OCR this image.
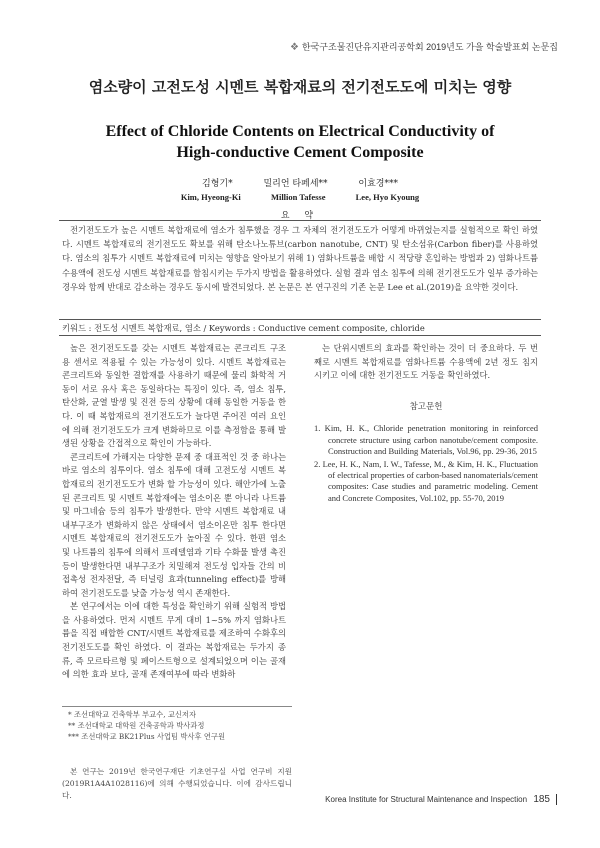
❖ 한국구조물진단유지관리공학회 2019년도 가을 학술발표회 논문집
염소량이 고전도성 시멘트 복합재료의 전기전도도에 미치는 영향
Effect of Chloride Contents on Electrical Conductivity of
High-conductive Cement Composite
김형기*	밀리언 타페세**	이효경***
Kim, Hyeong-Ki	Million Tafesse	Lee, Hyo Kyoung
요 약
전기전도도가 높은 시멘트 복합재료에 염소가 침투했을 경우 그 자체의 전기전도도가 어떻게 바뀌었는지를 실험적으로 확인 하였다. 시멘트 복합재료의 전기전도도 확보를 위해 탄소나노튜브(carbon nanotube, CNT) 및 탄소섬유(Carbon fiber)를 사용하였다. 염소의 침투가 시멘트 복합재료에 미치는 영향을 알아보기 위해 1) 염화나트륨을 배합 시 적당량 혼입하는 방법과 2) 염화나트륨 수용액에 전도성 시멘트 복합재료를 함침시키는 두가지 방법을 활용하였다. 실험 결과 염소 침투에 의해 전기전도도가 일부 증가하는 경우와 함께 반대로 감소하는 경우도 동시에 발견되었다. 본 논문은 본 연구진의 기존 논문 Lee et al.(2019)을 요약한 것이다.
키워드 : 전도성 시멘트 복합재료, 염소 / Keywords : Conductive cement composite, chloride

높은 전기전도도를 갖는 시멘트 복합재료는 콘크리트 구조용 센서로 적용될 수 있는 가능성이 있다. 시멘트 복합재료는 콘크리트와 동일한 결합재를 사용하기 때문에 물리 화학적 거동이 서로 유사 혹은 동일하다는 특징이 있다. 즉, 염소 침투, 탄산화, 균열 발생 및 진전 등의 상황에 대해 동일한 거동을 한다. 이 때 복합재료의 전기전도도가 늘다면 주어진 여러 요인에 의해 전기전도도가 크게 변화하므로 이를 측정함을 통해 발생된 상황을 간접적으로 확인이 가능하다.

콘크리트에 가해지는 다양한 문제 중 대표적인 것 중 하나는 바로 염소의 침투이다. 염소 침투에 대해 고전도성 시멘트 복합재료의 전기전도도가 변화 할 가능성이 있다. 해안가에 노출된 콘크리트 및 시멘트 복합재에는 염소이온 뿐 아니라 나트륨 및 마그네슘 등의 침투가 발생한다. 만약 시멘트 복합재료 내 내부구조가 변화하지 않은 상태에서 염소이온만 침투 한다면 시멘트 복합재료의 전기전도도가 높아질 수 있다. 한편 염소 및 나트륨의 침투에 의해서 프레델염과 기타 수화물 발생 촉진 등이 발생한다면 내부구조가 치밀해져 전도성 입자들 간의 비접촉성 전자전달, 즉 터널링 효과(tunneling effect)를 방해 하여 전기전도도를 낮출 가능성 역시 존재한다.

본 연구에서는 이에 대한 특성을 확인하기 위해 실험적 방법을 사용하였다. 먼저 시멘트 무게 대비 1~5% 까지 염화나트륨을 직접 배합한 CNT/시멘트 복합재료를 제조하여 수화후의 전기전도도를 확인 하였다. 이 결과는 복합재료는 두가지 종류, 즉 모르타르형 및 페이스트형으로 설계되었으며 이는 골재에 의한 효과 보다, 골재 존재여부에 따라 변화하

는 단위시멘트의 효과를 확인하는 것이 더 중요하다. 두 번째로 시멘트 복합재료를 염화나트륨 수용액에 2년 정도 침지시키고 이에 대한 전기전도도 거동을 확인하였다.

참고문헌
1. Kim, H. K., Chloride penetration monitoring in reinforced concrete structure using carbon nanotube/cement composite. Construction and Building Materials, Vol.96, pp. 29-36, 2015
2. Lee, H. K., Nam, I. W., Tafesse, M., & Kim, H. K., Fluctuation of electrical properties of carbon-based nanomaterials/cement composites: Case studies and parametric modeling. Cement and Concrete Composites, Vol.102, pp. 55-70, 2019
* 조선대학교 건축학부 부교수, 교신저자
** 조선대학교 대학원 건축공학과 박사과정
*** 조선대학교 BK21Plus 사업팀 박사후 연구원
본 연구는 2019년 한국연구재단 기초연구실 사업 연구비 지원(2019R1A4A1028116)에 의해 수행되었습니다. 이에 감사드립니다.	Korea Institute for Structural Maintenance and Inspection 185
